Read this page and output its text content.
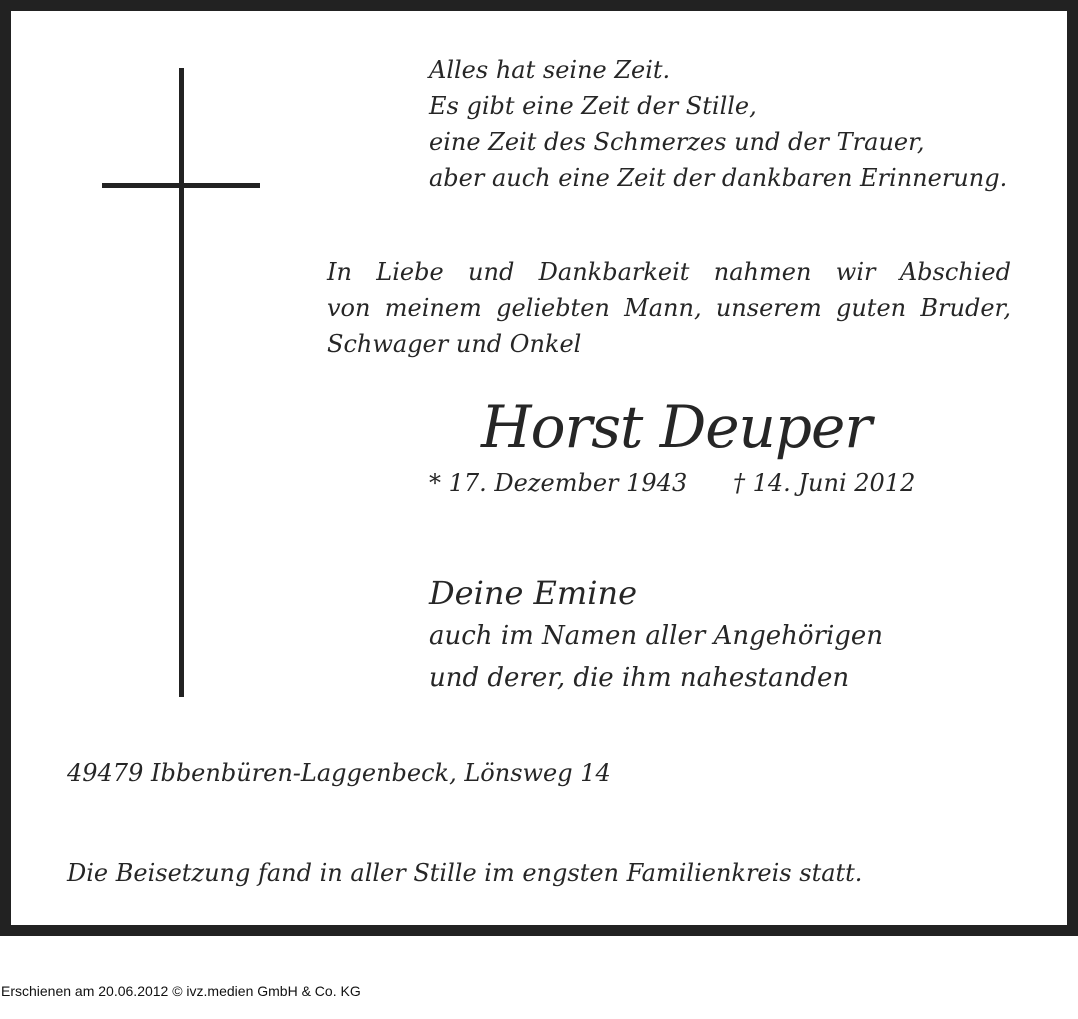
Alles hat seine Zeit.
Es gibt eine Zeit der Stille,
eine Zeit des Schmerzes und der Trauer,
aber auch eine Zeit der dankbaren Erinnerung.
In Liebe und Dankbarkeit nahmen wir Abschied
von meinem geliebten Mann, unserem guten Bruder,
Schwager und Onkel
Horst Deuper
* 17. Dezember 1943 † 14. Juni 2012
Deine Emine
auch im Namen aller Angehörigen
und derer, die ihm nahestanden
49479 Ibbenbüren-Laggenbeck, Lönsweg 14
Die Beisetzung fand in aller Stille im engsten Familienkreis statt.
Erschienen am 20.06.2012 © ivz.medien GmbH & Co. KG
